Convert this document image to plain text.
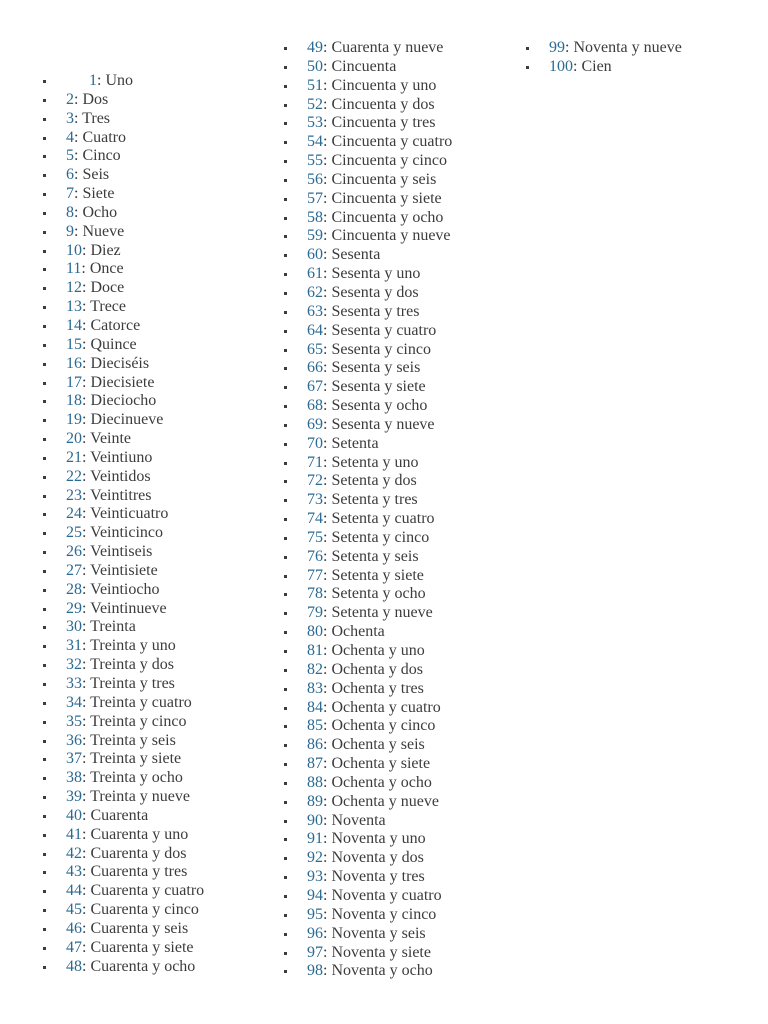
1: Uno
2: Dos
3: Tres
4: Cuatro
5: Cinco
6: Seis
7: Siete
8: Ocho
9: Nueve
10: Diez
11: Once
12: Doce
13: Trece
14: Catorce
15: Quince
16: Dieciséis
17: Diecisiete
18: Dieciocho
19: Diecinueve
20: Veinte
21: Veintiuno
22: Veintidos
23: Veintitres
24: Veinticuatro
25: Veinticinco
26: Veintiseis
27: Veintisiete
28: Veintiocho
29: Veintinueve
30: Treinta
31: Treinta y uno
32: Treinta y dos
33: Treinta y tres
34: Treinta y cuatro
35: Treinta y cinco
36: Treinta y seis
37: Treinta y siete
38: Treinta y ocho
39: Treinta y nueve
40: Cuarenta
41: Cuarenta y uno
42: Cuarenta y dos
43: Cuarenta y tres
44: Cuarenta y cuatro
45: Cuarenta y cinco
46: Cuarenta y seis
47: Cuarenta y siete
48: Cuarenta y ocho
49: Cuarenta y nueve
50: Cincuenta
51: Cincuenta y uno
52: Cincuenta y dos
53: Cincuenta y tres
54: Cincuenta y cuatro
55: Cincuenta y cinco
56: Cincuenta y seis
57: Cincuenta y siete
58: Cincuenta y ocho
59: Cincuenta y nueve
60: Sesenta
61: Sesenta y uno
62: Sesenta y dos
63: Sesenta y tres
64: Sesenta y cuatro
65: Sesenta y cinco
66: Sesenta y seis
67: Sesenta y siete
68: Sesenta y ocho
69: Sesenta y nueve
70: Setenta
71: Setenta y uno
72: Setenta y dos
73: Setenta y tres
74: Setenta y cuatro
75: Setenta y cinco
76: Setenta y seis
77: Setenta y siete
78: Setenta y ocho
79: Setenta y nueve
80: Ochenta
81: Ochenta y uno
82: Ochenta y dos
83: Ochenta y tres
84: Ochenta y cuatro
85: Ochenta y cinco
86: Ochenta y seis
87: Ochenta y siete
88: Ochenta y ocho
89: Ochenta y nueve
90: Noventa
91: Noventa y uno
92: Noventa y dos
93: Noventa y tres
94: Noventa y cuatro
95: Noventa y cinco
96: Noventa y seis
97: Noventa y siete
98: Noventa y ocho
99: Noventa y nueve
100: Cien
